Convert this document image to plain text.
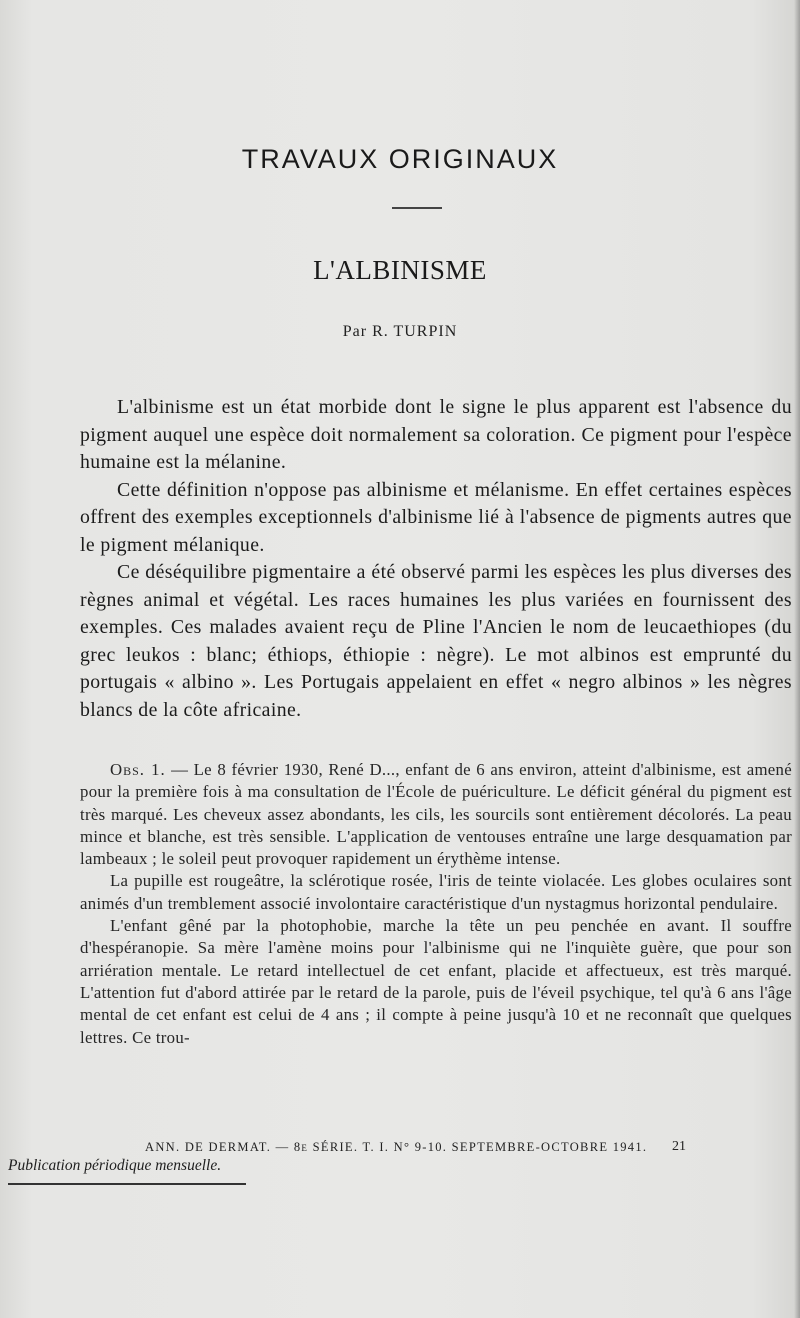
TRAVAUX ORIGINAUX
L'ALBINISME
Par R. TURPIN

L'albinisme est un état morbide dont le signe le plus apparent est l'absence du pigment auquel une espèce doit normalement sa coloration. Ce pigment pour l'espèce humaine est la mélanine.

Cette définition n'oppose pas albinisme et mélanisme. En effet certaines espèces offrent des exemples exceptionnels d'albinisme lié à l'absence de pigments autres que le pigment mélanique.

Ce déséquilibre pigmentaire a été observé parmi les espèces les plus diverses des règnes animal et végétal. Les races humaines les plus variées en fournissent des exemples. Ces malades avaient reçu de Pline l'Ancien le nom de leucaethiopes (du grec leukos : blanc; éthiops, éthiopie : nègre). Le mot albinos est emprunté du portugais « albino ». Les Portugais appelaient en effet « negro albinos » les nègres blancs de la côte africaine.

Obs. 1. — Le 8 février 1930, René D..., enfant de 6 ans environ, atteint d'albinisme, est amené pour la première fois à ma consultation de l'École de puériculture. Le déficit général du pigment est très marqué. Les cheveux assez abondants, les cils, les sourcils sont entièrement décolorés. La peau mince et blanche, est très sensible. L'application de ventouses entraîne une large desquamation par lambeaux ; le soleil peut provoquer rapidement un érythème intense.

La pupille est rougeâtre, la sclérotique rosée, l'iris de teinte violacée. Les globes oculaires sont animés d'un tremblement associé involontaire caractéristique d'un nystagmus horizontal pendulaire.

L'enfant gêné par la photophobie, marche la tête un peu penchée en avant. Il souffre d'hespéranopie. Sa mère l'amène moins pour l'albinisme qui ne l'inquiète guère, que pour son arriération mentale. Le retard intellectuel de cet enfant, placide et affectueux, est très marqué. L'attention fut d'abord attirée par le retard de la parole, puis de l'éveil psychique, tel qu'à 6 ans l'âge mental de cet enfant est celui de 4 ans ; il compte à peine jusqu'à 10 et ne reconnaît que quelques lettres. Ce trou-

ANN. DE DERMAT. — 8e SÉRIE. T. I. N° 9-10. SEPTEMBRE-OCTOBRE 1941. 21
Publication périodique mensuelle.
